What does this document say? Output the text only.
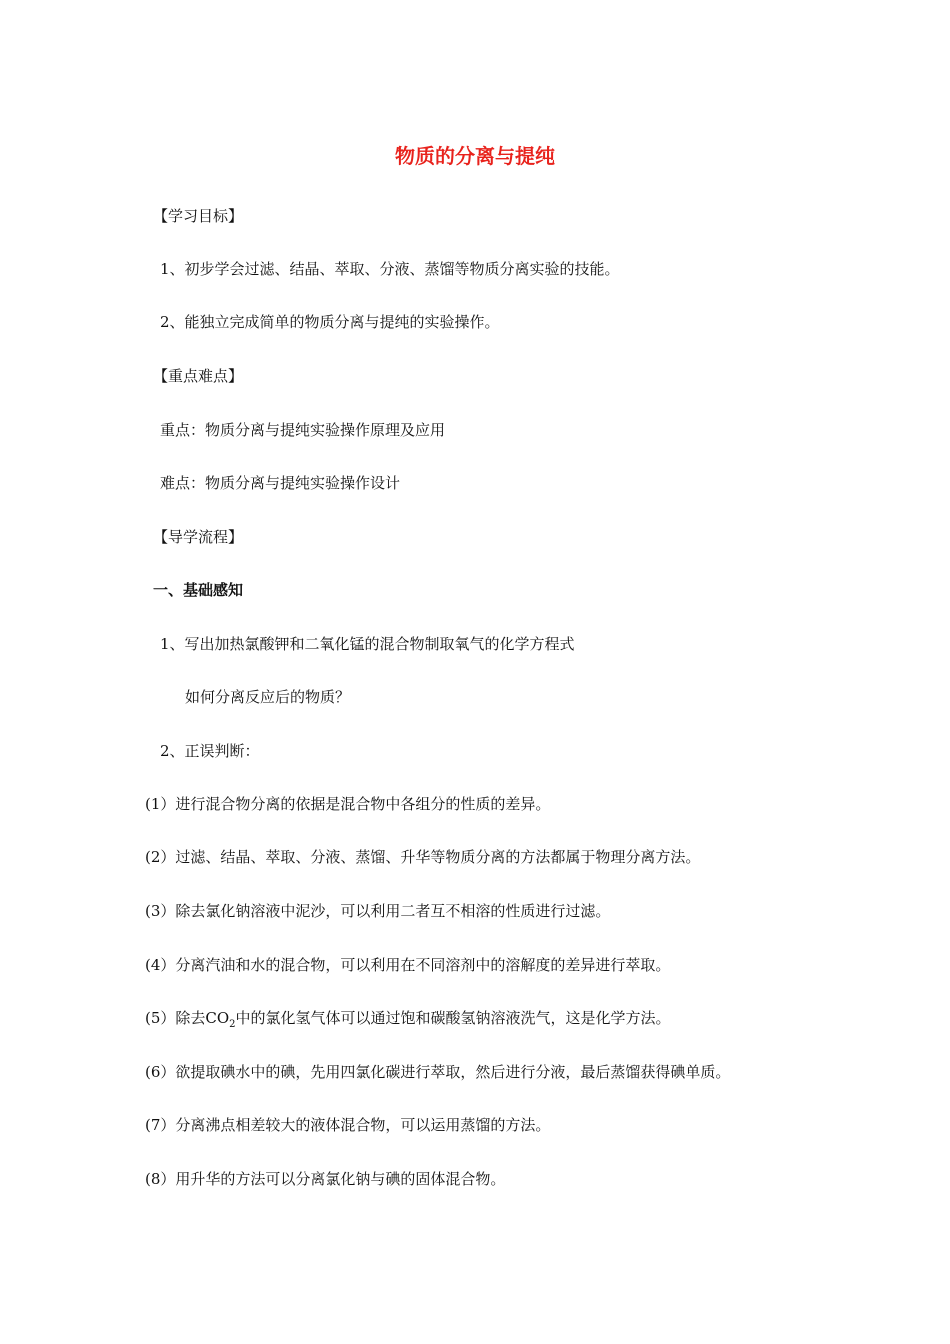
物质的分离与提纯
【学习目标】
1、初步学会过滤、结晶、萃取、分液、蒸馏等物质分离实验的技能。
2、能独立完成简单的物质分离与提纯的实验操作。
【重点难点】
重点：物质分离与提纯实验操作原理及应用
难点：物质分离与提纯实验操作设计
【导学流程】
一、基础感知
1、写出加热氯酸钾和二氧化锰的混合物制取氧气的化学方程式
如何分离反应后的物质？
2、正误判断：
(1）进行混合物分离的依据是混合物中各组分的性质的差异。
(2）过滤、结晶、萃取、分液、蒸馏、升华等物质分离的方法都属于物理分离方法。
(3）除去氯化钠溶液中泥沙，可以利用二者互不相溶的性质进行过滤。
(4）分离汽油和水的混合物，可以利用在不同溶剂中的溶解度的差异进行萃取。
(5）除去$CO_2$中的氯化氢气体可以通过饱和碳酸氢钠溶液洗气，这是化学方法。
(6）欲提取碘水中的碘，先用四氯化碳进行萃取，然后进行分液，最后蒸馏获得碘单质。
(7）分离沸点相差较大的液体混合物，可以运用蒸馏的方法。
(8）用升华的方法可以分离氯化钠与碘的固体混合物。
